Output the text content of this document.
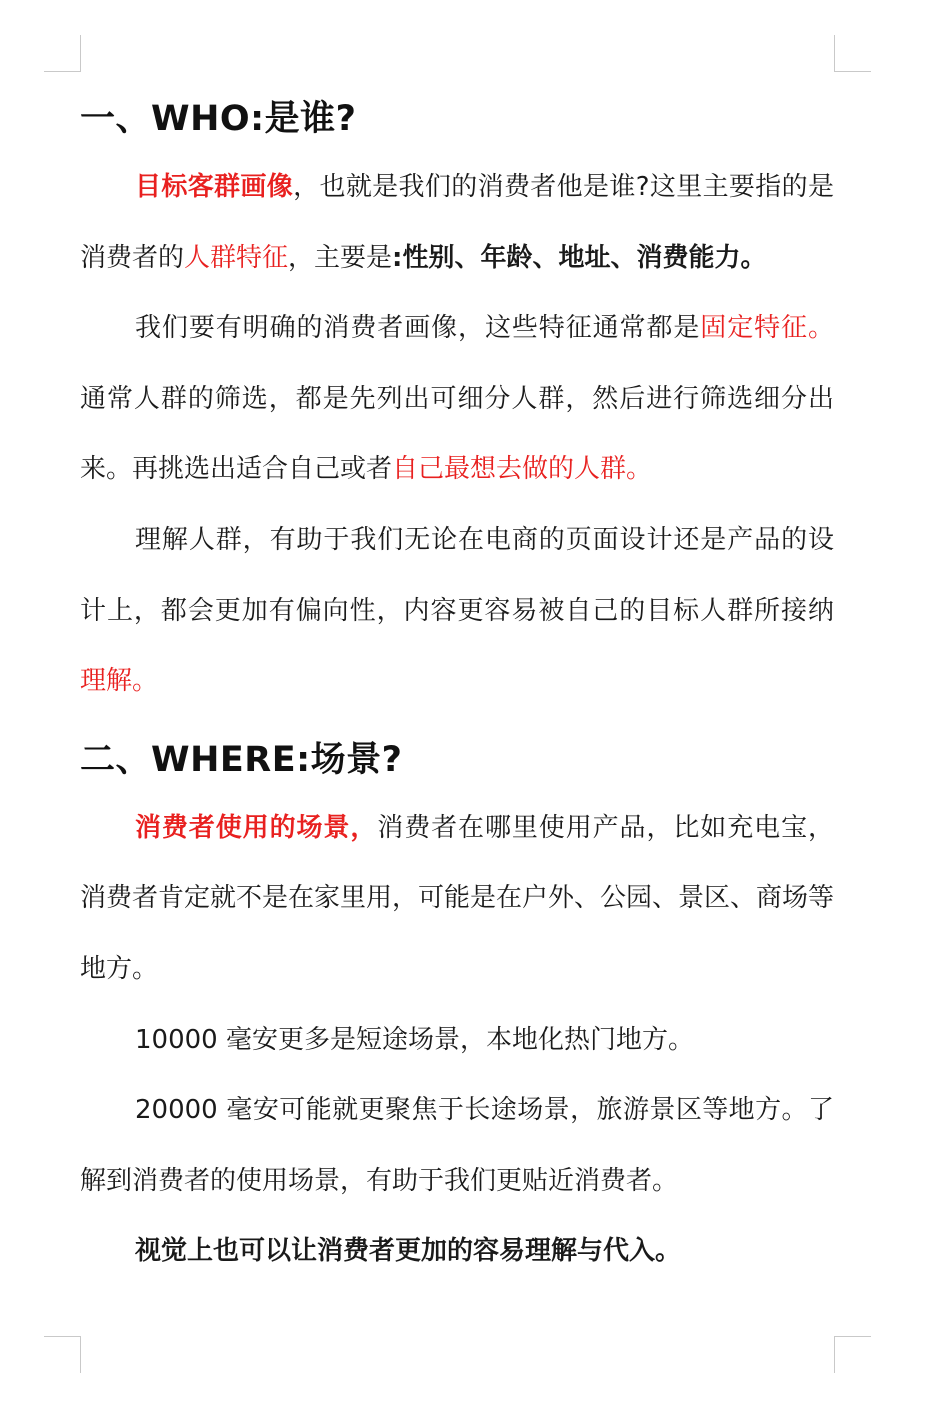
一、WHO:是谁?

目标客群画像，也就是我们的消费者他是谁?这里主要指的是消费者的人群特征，主要是:性别、年龄、地址、消费能力。

我们要有明确的消费者画像，这些特征通常都是固定特征。通常人群的筛选，都是先列出可细分人群，然后进行筛选细分出来。再挑选出适合自己或者自己最想去做的人群。

理解人群，有助于我们无论在电商的页面设计还是产品的设计上，都会更加有偏向性，内容更容易被自己的目标人群所接纳理解。

二、WHERE:场景?

消费者使用的场景，消费者在哪里使用产品，比如充电宝，消费者肯定就不是在家里用，可能是在户外、公园、景区、商场等地方。

10000 毫安更多是短途场景，本地化热门地方。

20000 毫安可能就更聚焦于长途场景，旅游景区等地方。了解到消费者的使用场景，有助于我们更贴近消费者。

视觉上也可以让消费者更加的容易理解与代入。
